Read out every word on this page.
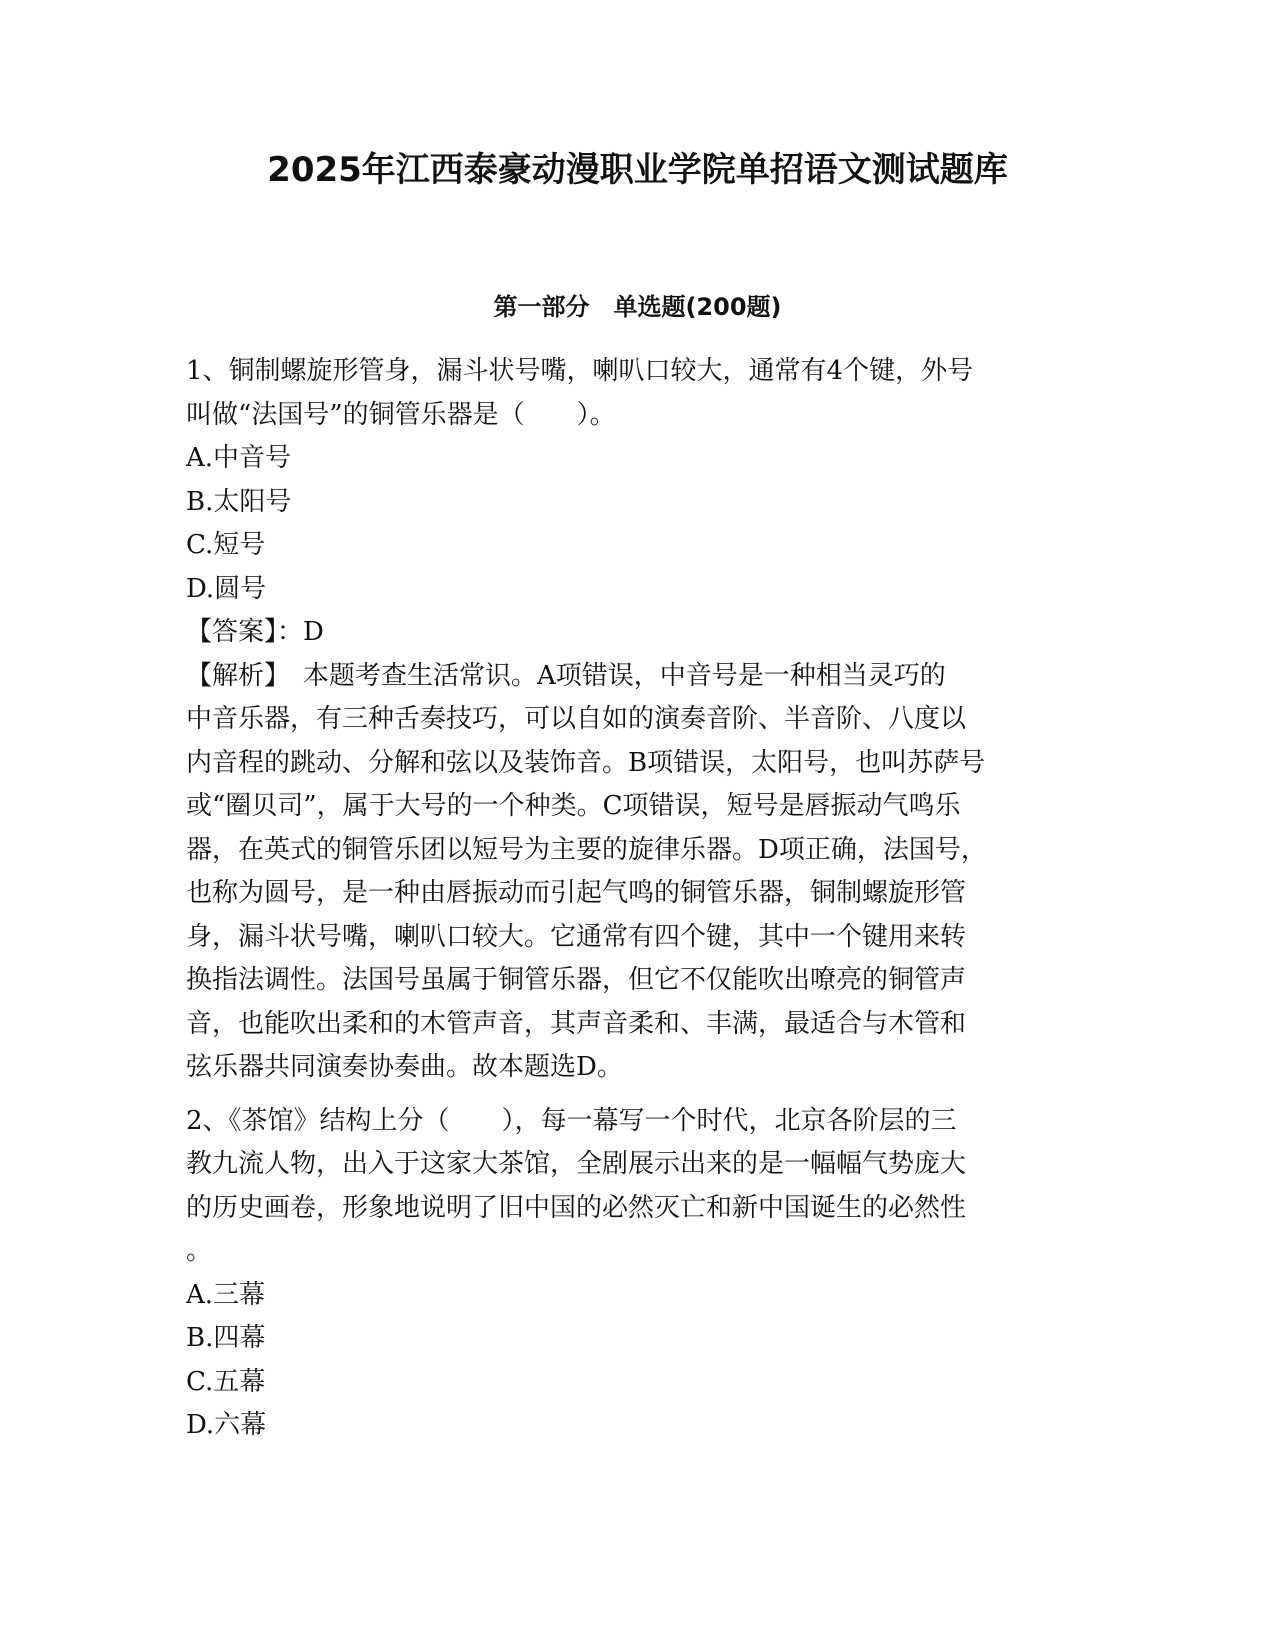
2025年江西泰豪动漫职业学院单招语文测试题库
第一部分　单选题(200题)
1、铜制螺旋形管身，漏斗状号嘴，喇叭口较大，通常有4个键，外号
叫做“法国号”的铜管乐器是（　　）。
A.中音号
B.太阳号
C.短号
D.圆号
【答案】：D
【解析】　本题考查生活常识。A项错误，中音号是一种相当灵巧的
中音乐器，有三种舌奏技巧，可以自如的演奏音阶、半音阶、八度以
内音程的跳动、分解和弦以及装饰音。B项错误，太阳号，也叫苏萨号
或“圈贝司”，属于大号的一个种类。C项错误，短号是唇振动气鸣乐
器，在英式的铜管乐团以短号为主要的旋律乐器。D项正确，法国号，
也称为圆号，是一种由唇振动而引起气鸣的铜管乐器，铜制螺旋形管
身，漏斗状号嘴，喇叭口较大。它通常有四个键，其中一个键用来转
换指法调性。法国号虽属于铜管乐器，但它不仅能吹出嘹亮的铜管声
音，也能吹出柔和的木管声音，其声音柔和、丰满，最适合与木管和
弦乐器共同演奏协奏曲。故本题选D。
2、《茶馆》结构上分（　　），每一幕写一个时代，北京各阶层的三
教九流人物，出入于这家大茶馆，全剧展示出来的是一幅幅气势庞大
的历史画卷，形象地说明了旧中国的必然灭亡和新中国诞生的必然性
。
A.三幕
B.四幕
C.五幕
D.六幕
